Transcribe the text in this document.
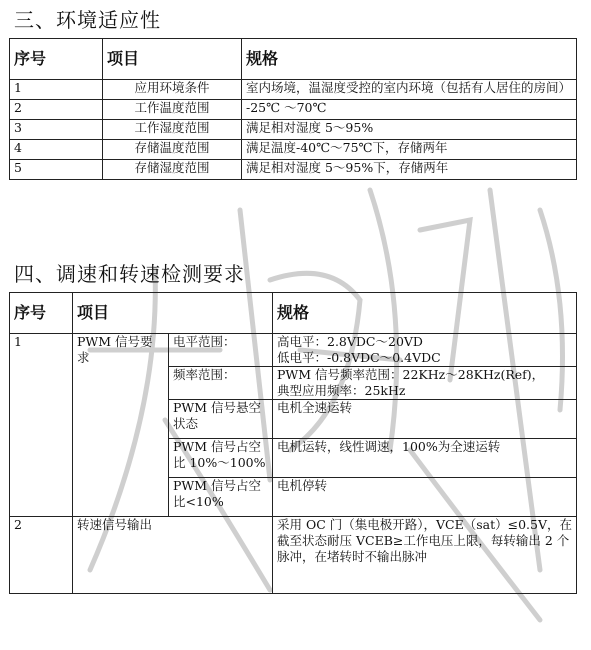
三、环境适应性
序号	项目	规格
1	应用环境条件	室内场境，温湿度受控的室内环境（包括有人居住的房间）
2	工作温度范围	-25℃ ～70℃
3	工作湿度范围	满足相对湿度 5～95%
4	存储温度范围	满足温度-40℃～75℃下，存储两年
5	存储湿度范围	满足相对湿度 5～95%下，存储两年
四、调速和转速检测要求
序号	项目		规格
1	PWM 信号要求	电平范围：	高电平：2.8VDC～20VD
低电平：-0.8VDC～0.4VDC

		频率范围：	PWM 信号频率范围：22KHz～28KHz(Ref)，
典型应用频率：25kHz

		PWM 信号悬空状态	电机全速运转

		PWM 信号占空比 10%～100%	电机运转，线性调速，100%为全速运转

		PWM 信号占空比<10%	电机停转

2	转速信号输出		采用 OC 门（集电极开路），VCE（sat）≤0.5V，在截至状态耐压 VCEB≥工作电压上限，每转输出 2 个脉冲，在堵转时不输出脉冲
